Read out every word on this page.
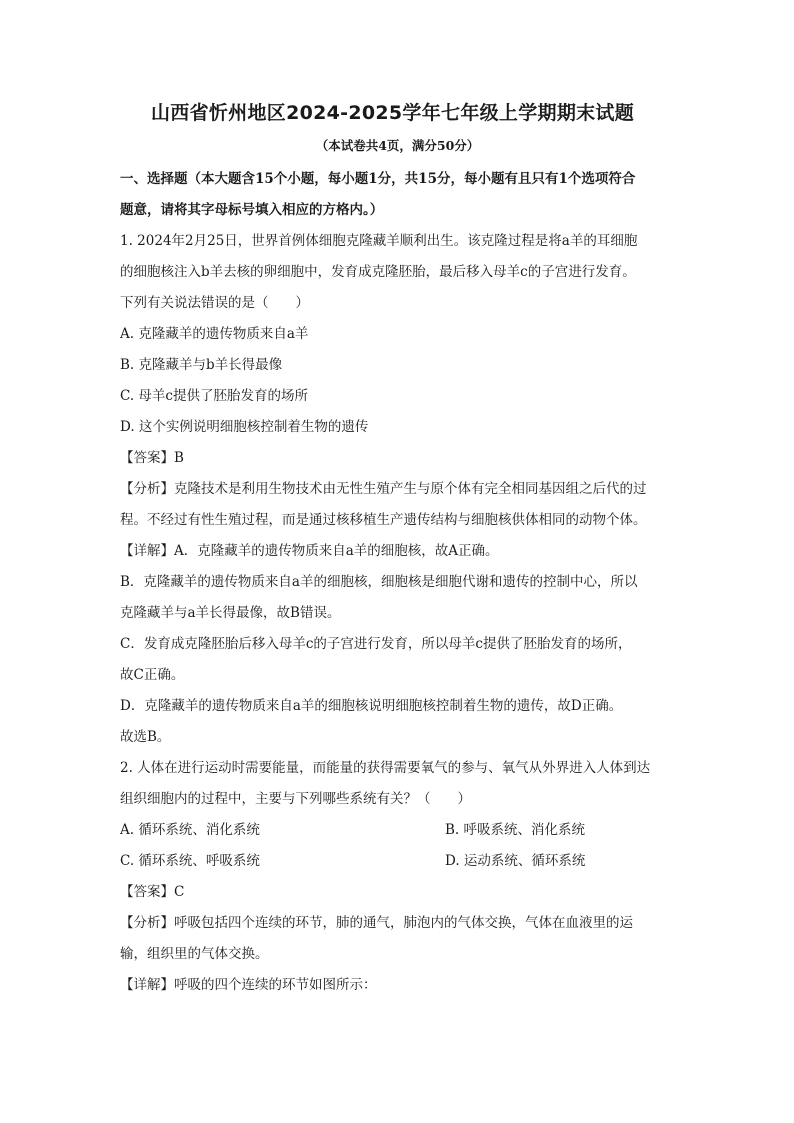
山西省忻州地区2024-2025学年七年级上学期期末试题
（本试卷共4页，满分50分）

一、选择题（本大题含15个小题，每小题1分，共15分，每小题有且只有1个选项符合

题意，请将其字母标号填入相应的方格内。）

1. 2024年2月25日，世界首例体细胞克隆藏羊顺利出生。该克隆过程是将a羊的耳细胞

的细胞核注入b羊去核的卵细胞中，发育成克隆胚胎，最后移入母羊c的子宫进行发育。

下列有关说法错误的是（　　）

A. 克隆藏羊的遗传物质来自a羊

B. 克隆藏羊与b羊长得最像

C. 母羊c提供了胚胎发育的场所

D. 这个实例说明细胞核控制着生物的遗传

【答案】B

【分析】克隆技术是利用生物技术由无性生殖产生与原个体有完全相同基因组之后代的过

程。不经过有性生殖过程，而是通过核移植生产遗传结构与细胞核供体相同的动物个体。

【详解】A．克隆藏羊的遗传物质来自a羊的细胞核，故A正确。

B．克隆藏羊的遗传物质来自a羊的细胞核，细胞核是细胞代谢和遗传的控制中心，所以

克隆藏羊与a羊长得最像，故B错误。

C．发育成克隆胚胎后移入母羊c的子宫进行发育，所以母羊c提供了胚胎发育的场所，

故C正确。

D．克隆藏羊的遗传物质来自a羊的细胞核说明细胞核控制着生物的遗传，故D正确。

故选B。

2. 人体在进行运动时需要能量，而能量的获得需要氧气的参与、氧气从外界进入人体到达

组织细胞内的过程中，主要与下列哪些系统有关？（　　）

A. 循环系统、消化系统	B. 呼吸系统、消化系统
C. 循环系统、呼吸系统	D. 运动系统、循环系统

【答案】C

【分析】呼吸包括四个连续的环节，肺的通气，肺泡内的气体交换，气体在血液里的运

输，组织里的气体交换。

【详解】呼吸的四个连续的环节如图所示：
